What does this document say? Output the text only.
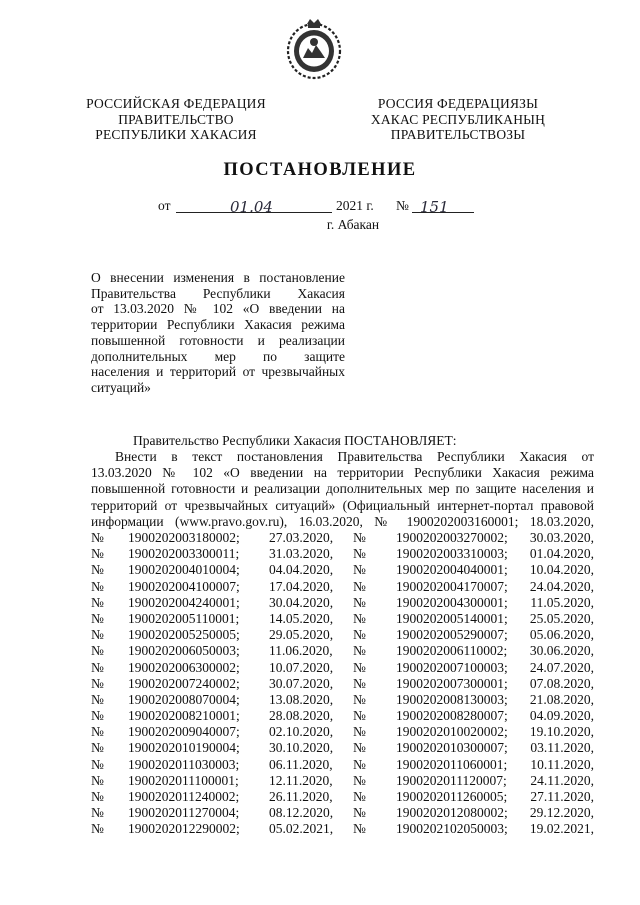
РОССИЙСКАЯ ФЕДЕРАЦИЯ
ПРАВИТЕЛЬСТВО
РЕСПУБЛИКИ ХАКАСИЯ
РОССИЯ ФЕДЕРАЦИЯЗЫ
ХАКАС РЕСПУБЛИКАНЫҢ
ПРАВИТЕЛЬСТВОЗЫ
ПОСТАНОВЛЕНИЕ
от	01.04	2021 г. № 151
г. Абакан
О внесении изменения в постановление
Правительства Республики Хакасия
от 13.03.2020 № 102 «О введении на
территории Республики Хакасия режима
повышенной готовности и реализации
дополнительных мер по защите
населения и территорий от чрезвычайных
ситуаций»
Правительство Республики Хакасия ПОСТАНОВЛЯЕТ:
Внести в текст постановления Правительства Республики Хакасия от
13.03.2020 № 102 «О введении на территории Республики Хакасия режима
повышенной готовности и реализации дополнительных мер по защите населения и
территорий от чрезвычайных ситуаций» (Официальный интернет-портал правовой
информации (www.pravo.gov.ru), 16.03.2020, № 1900202003160001; 18.03.2020,
№ 1900202003180002; 27.03.2020, № 1900202003270002; 30.03.2020,
№ 1900202003300011; 31.03.2020, № 1900202003310003; 01.04.2020,
№ 1900202004010004; 04.04.2020, № 1900202004040001; 10.04.2020,
№ 1900202004100007; 17.04.2020, № 1900202004170007; 24.04.2020,
№ 1900202004240001; 30.04.2020, № 1900202004300001; 11.05.2020,
№ 1900202005110001; 14.05.2020, № 1900202005140001; 25.05.2020,
№ 1900202005250005; 29.05.2020, № 1900202005290007; 05.06.2020,
№ 1900202006050003; 11.06.2020, № 1900202006110002; 30.06.2020,
№ 1900202006300002; 10.07.2020, № 1900202007100003; 24.07.2020,
№ 1900202007240002; 30.07.2020, № 1900202007300001; 07.08.2020,
№ 1900202008070004; 13.08.2020, № 1900202008130003; 21.08.2020,
№ 1900202008210001; 28.08.2020, № 1900202008280007; 04.09.2020,
№ 1900202009040007; 02.10.2020, № 1900202010020002; 19.10.2020,
№ 1900202010190004; 30.10.2020, № 1900202010300007; 03.11.2020,
№ 1900202011030003; 06.11.2020, № 1900202011060001; 10.11.2020,
№ 1900202011100001; 12.11.2020, № 1900202011120007; 24.11.2020,
№ 1900202011240002; 26.11.2020, № 1900202011260005; 27.11.2020,
№ 1900202011270004; 08.12.2020, № 1900202012080002; 29.12.2020,
№ 1900202012290002; 05.02.2021, № 1900202102050003; 19.02.2021,
